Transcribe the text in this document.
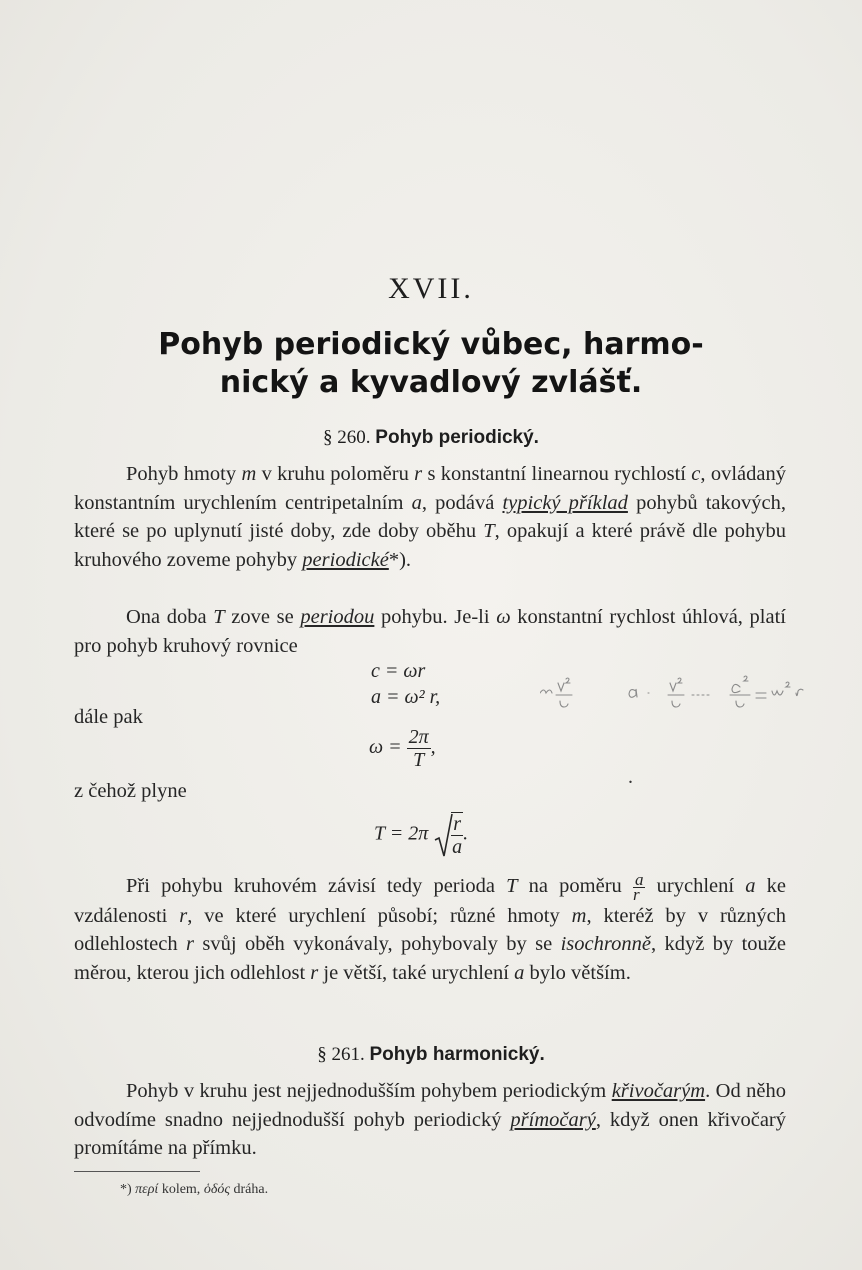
XVII.
Pohyb periodický vůbec, harmo-
nický a kyvadlový zvlášť.
§ 260. Pohyb periodický.
Pohyb hmoty m v kruhu poloměru r s konstantní linearnou rychlostí c, ovládaný konstantním urychlením centripetalním a, podává typický příklad pohybů takových, které se po uplynutí jisté doby, zde doby oběhu T, opakují a které právě dle pohybu kruhového zoveme pohyby periodické*).
Ona doba T zove se periodou pohybu. Je-li ω konstantní rychlost úhlová, platí pro pohyb kruhový rovnice
c = ωr
a = ω² r,
dále pak
$\omega = \frac{2\pi}{T}$ ,
.
z čehož plyne
$T = 2\pi \frac{r}{a}$ .
Při pohybu kruhovém závisí tedy perioda T na poměru $\frac{a}{r}$ urychlení a ke vzdálenosti r, ve které urychlení působí; různé hmoty m, kteréž by v různých odlehlostech r svůj oběh vykonávaly, pohybovaly by se isochronně, když by touže měrou, kterou jich odlehlost r je větší, také urychlení a bylo větším.
§ 261. Pohyb harmonický.
Pohyb v kruhu jest nejjednodušším pohybem periodickým křivočarým. Od něho odvodíme snadno nejjednodušší pohyb periodický přímočarý, když onen křivočarý promítáme na přímku.
*) περί kolem, ὁδός dráha.
